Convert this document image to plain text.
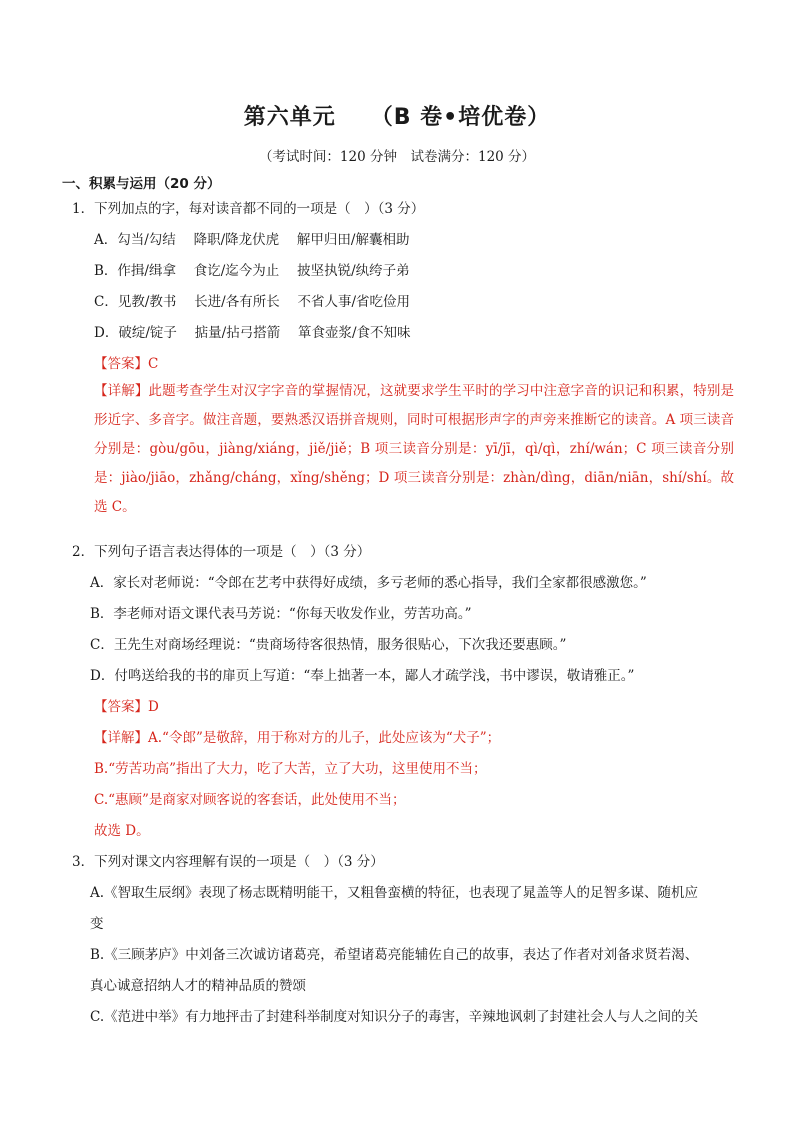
第六单元　　（B 卷•培优卷）
（考试时间：120 分钟　试卷满分：120 分）
一、积累与运用（20 分）
1．下列加点的字，每对读音都不同的一项是（　）（3 分）
A．勾当/勾结　 降职/降龙伏虎　 解甲归田/解囊相助
B．作揖/缉拿　 食讫/迄今为止　 披坚执锐/纨绔子弟
C．见教/教书　 长进/各有所长　 不省人事/省吃俭用
D．破绽/锭子　 掂量/拈弓搭箭　 箪食壶浆/食不知味
【答案】C
【详解】此题考查学生对汉字字音的掌握情况，这就要求学生平时的学习中注意字音的识记和积累，特别是形近字、多音字。做注音题，要熟悉汉语拼音规则，同时可根据形声字的声旁来推断它的读音。A 项三读音分别是：gòu/gōu，jiàng/xiáng，jiě/jiě；B 项三读音分别是：yī/jī，qì/qì，zhí/wán；C 项三读音分别是：jiào/jiāo，zhǎng/cháng，xǐng/shěng；D 项三读音分别是：zhàn/dìng，diān/niān，shí/shí。故选 C。
2．下列句子语言表达得体的一项是（　）（3 分）
A．家长对老师说：“令郎在艺考中获得好成绩，多亏老师的悉心指导，我们全家都很感激您。”
B．李老师对语文课代表马芳说：“你每天收发作业，劳苦功高。”
C．王先生对商场经理说：“贵商场待客很热情，服务很贴心，下次我还要惠顾。”
D．付鸣送给我的书的扉页上写道：“奉上拙著一本，鄙人才疏学浅，书中谬误，敬请雅正。”
【答案】D
【详解】A.“令郎”是敬辞，用于称对方的儿子，此处应该为“犬子”；
B.“劳苦功高”指出了大力，吃了大苦，立了大功，这里使用不当；
C.“惠顾”是商家对顾客说的客套话，此处使用不当；
故选 D。
3．下列对课文内容理解有误的一项是（　）（3 分）
A.《智取生辰纲》表现了杨志既精明能干，又粗鲁蛮横的特征，也表现了晁盖等人的足智多谋、随机应
变
B.《三顾茅庐》中刘备三次诚访诸葛亮，希望诸葛亮能辅佐自己的故事，表达了作者对刘备求贤若渴、
真心诚意招纳人才的精神品质的赞颂
C.《范进中举》有力地抨击了封建科举制度对知识分子的毒害，辛辣地讽刺了封建社会人与人之间的关
